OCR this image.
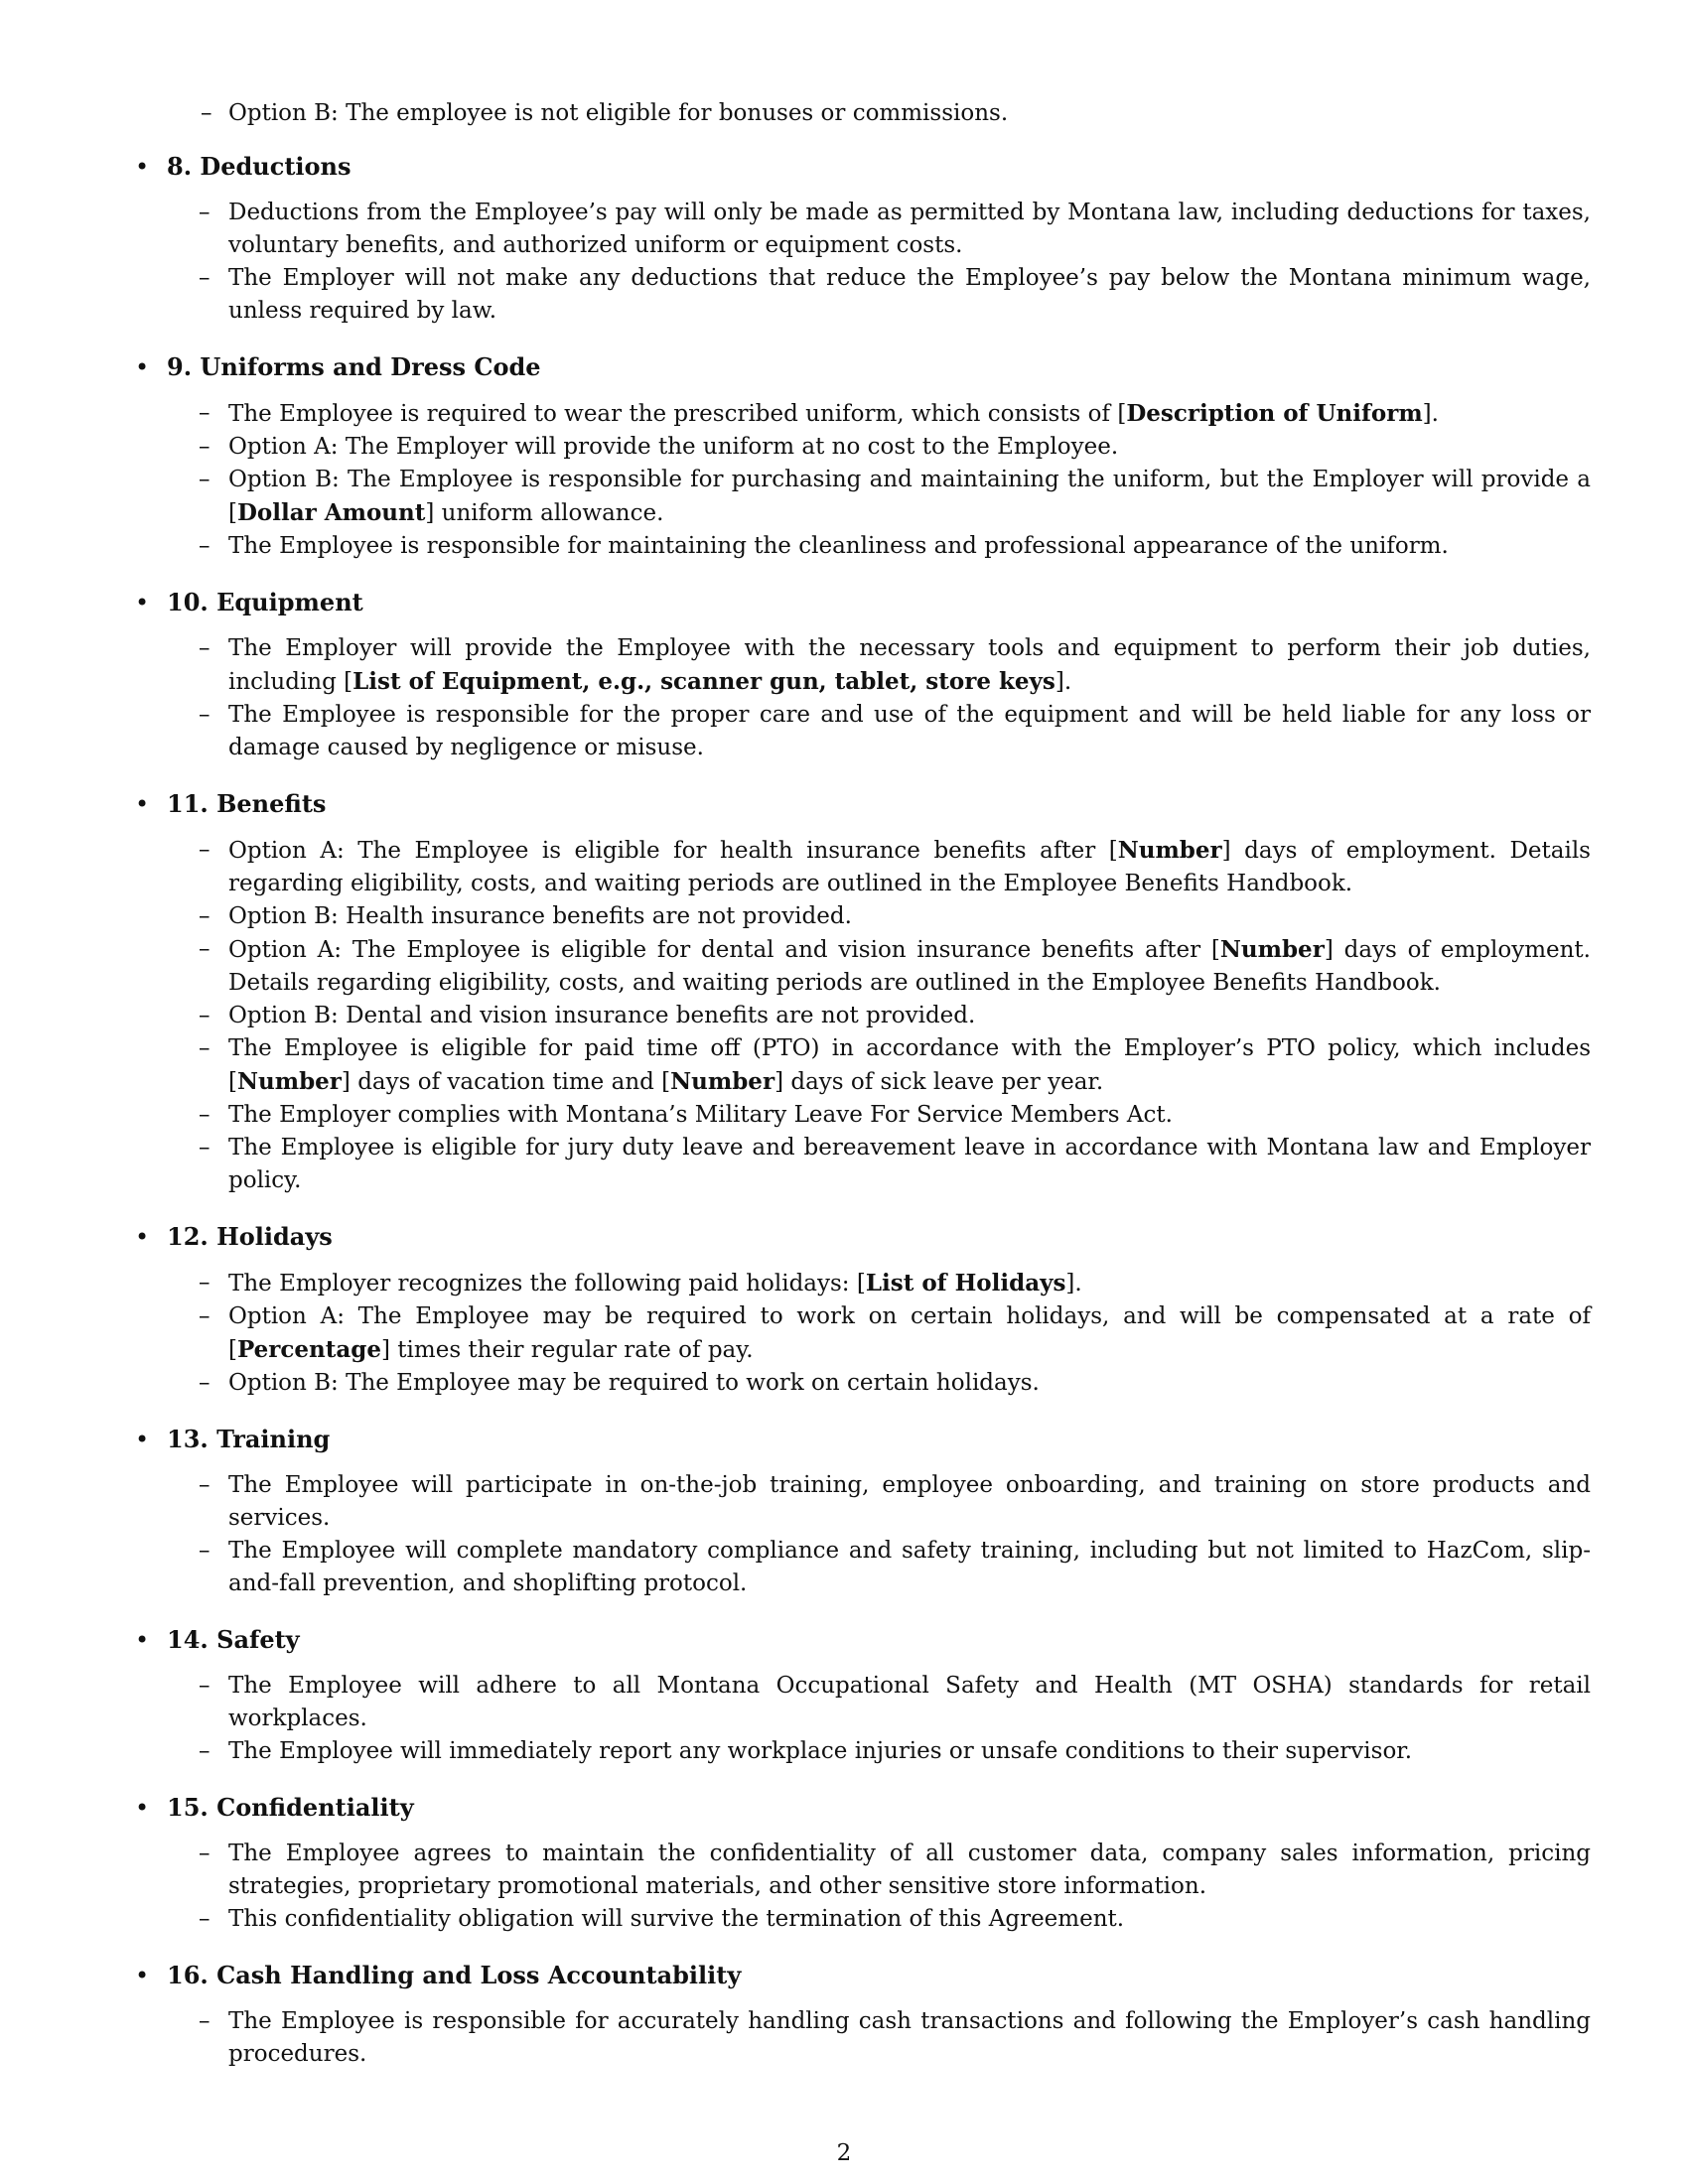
– Option B: The employee is not eligible for bonuses or commissions.
• 8. Deductions
– Deductions from the Employee’s pay will only be made as permitted by Montana law, including deductions for taxes, voluntary benefits, and authorized uniform or equipment costs.
– The Employer will not make any deductions that reduce the Employee’s pay below the Montana minimum wage, unless required by law.
• 9. Uniforms and Dress Code
– The Employee is required to wear the prescribed uniform, which consists of [Description of Uniform].
– Option A: The Employer will provide the uniform at no cost to the Employee.
– Option B: The Employee is responsible for purchasing and maintaining the uniform, but the Employer will provide a [Dollar Amount] uniform allowance.
– The Employee is responsible for maintaining the cleanliness and professional appearance of the uniform.
• 10. Equipment
– The Employer will provide the Employee with the necessary tools and equipment to perform their job duties, including [List of Equipment, e.g., scanner gun, tablet, store keys].
– The Employee is responsible for the proper care and use of the equipment and will be held liable for any loss or damage caused by negligence or misuse.
• 11. Benefits
– Option A: The Employee is eligible for health insurance benefits after [Number] days of employment. Details regarding eligibility, costs, and waiting periods are outlined in the Employee Benefits Handbook.
– Option B: Health insurance benefits are not provided.
– Option A: The Employee is eligible for dental and vision insurance benefits after [Number] days of employment. Details regarding eligibility, costs, and waiting periods are outlined in the Employee Benefits Handbook.
– Option B: Dental and vision insurance benefits are not provided.
– The Employee is eligible for paid time off (PTO) in accordance with the Employer’s PTO policy, which includes [Number] days of vacation time and [Number] days of sick leave per year.
– The Employer complies with Montana’s Military Leave For Service Members Act.
– The Employee is eligible for jury duty leave and bereavement leave in accordance with Montana law and Employer policy.
• 12. Holidays
– The Employer recognizes the following paid holidays: [List of Holidays].
– Option A: The Employee may be required to work on certain holidays, and will be compensated at a rate of [Percentage] times their regular rate of pay.
– Option B: The Employee may be required to work on certain holidays.
• 13. Training
– The Employee will participate in on-the-job training, employee onboarding, and training on store products and services.
– The Employee will complete mandatory compliance and safety training, including but not limited to HazCom, slip-and-fall prevention, and shoplifting protocol.
• 14. Safety
– The Employee will adhere to all Montana Occupational Safety and Health (MT OSHA) standards for retail workplaces.
– The Employee will immediately report any workplace injuries or unsafe conditions to their supervisor.
• 15. Confidentiality
– The Employee agrees to maintain the confidentiality of all customer data, company sales information, pricing strategies, proprietary promotional materials, and other sensitive store information.
– This confidentiality obligation will survive the termination of this Agreement.
• 16. Cash Handling and Loss Accountability
– The Employee is responsible for accurately handling cash transactions and following the Employer’s cash handling procedures.
2
